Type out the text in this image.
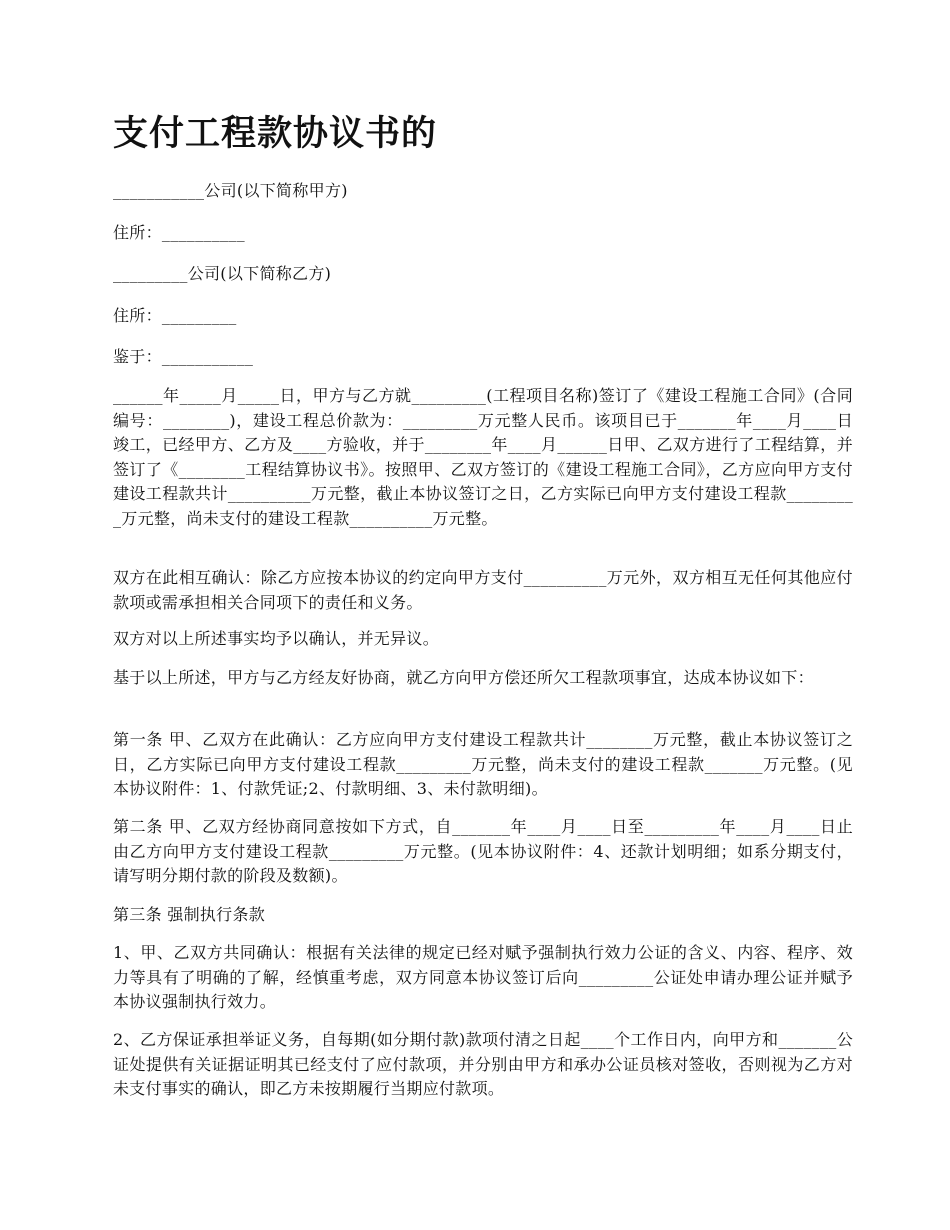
支付工程款协议书的

___________公司(以下简称甲方)

住所：__________

_________公司(以下简称乙方)

住所：_________

鉴于：___________

______年_____月_____日，甲方与乙方就_________(工程项目名称)签订了《建设工程施工合同》(合同编号：________)，建设工程总价款为：_________万元整人民币。该项目已于_______年____月____日竣工，已经甲方、乙方及____方验收，并于________年____月______日甲、乙双方进行了工程结算，并签订了《________工程结算协议书》。按照甲、乙双方签订的《建设工程施工合同》，乙方应向甲方支付建设工程款共计__________万元整，截止本协议签订之日，乙方实际已向甲方支付建设工程款_________万元整，尚未支付的建设工程款__________万元整。

双方在此相互确认：除乙方应按本协议的约定向甲方支付__________万元外，双方相互无任何其他应付款项或需承担相关合同项下的责任和义务。

双方对以上所述事实均予以确认，并无异议。

基于以上所述，甲方与乙方经友好协商，就乙方向甲方偿还所欠工程款项事宜，达成本协议如下：

第一条 甲、乙双方在此确认：乙方应向甲方支付建设工程款共计________万元整，截止本协议签订之日，乙方实际已向甲方支付建设工程款_________万元整，尚未支付的建设工程款_______万元整。(见本协议附件：1、付款凭证;2、付款明细、3、未付款明细)。

第二条 甲、乙双方经协商同意按如下方式，自_______年____月____日至_________年____月____日止由乙方向甲方支付建设工程款_________万元整。(见本协议附件：4、还款计划明细；如系分期支付，请写明分期付款的阶段及数额)。

第三条 强制执行条款

1、甲、乙双方共同确认：根据有关法律的规定已经对赋予强制执行效力公证的含义、内容、程序、效力等具有了明确的了解，经慎重考虑，双方同意本协议签订后向_________公证处申请办理公证并赋予本协议强制执行效力。

2、乙方保证承担举证义务，自每期(如分期付款)款项付清之日起____个工作日内，向甲方和_______公证处提供有关证据证明其已经支付了应付款项，并分别由甲方和承办公证员核对签收，否则视为乙方对未支付事实的确认，即乙方未按期履行当期应付款项。
